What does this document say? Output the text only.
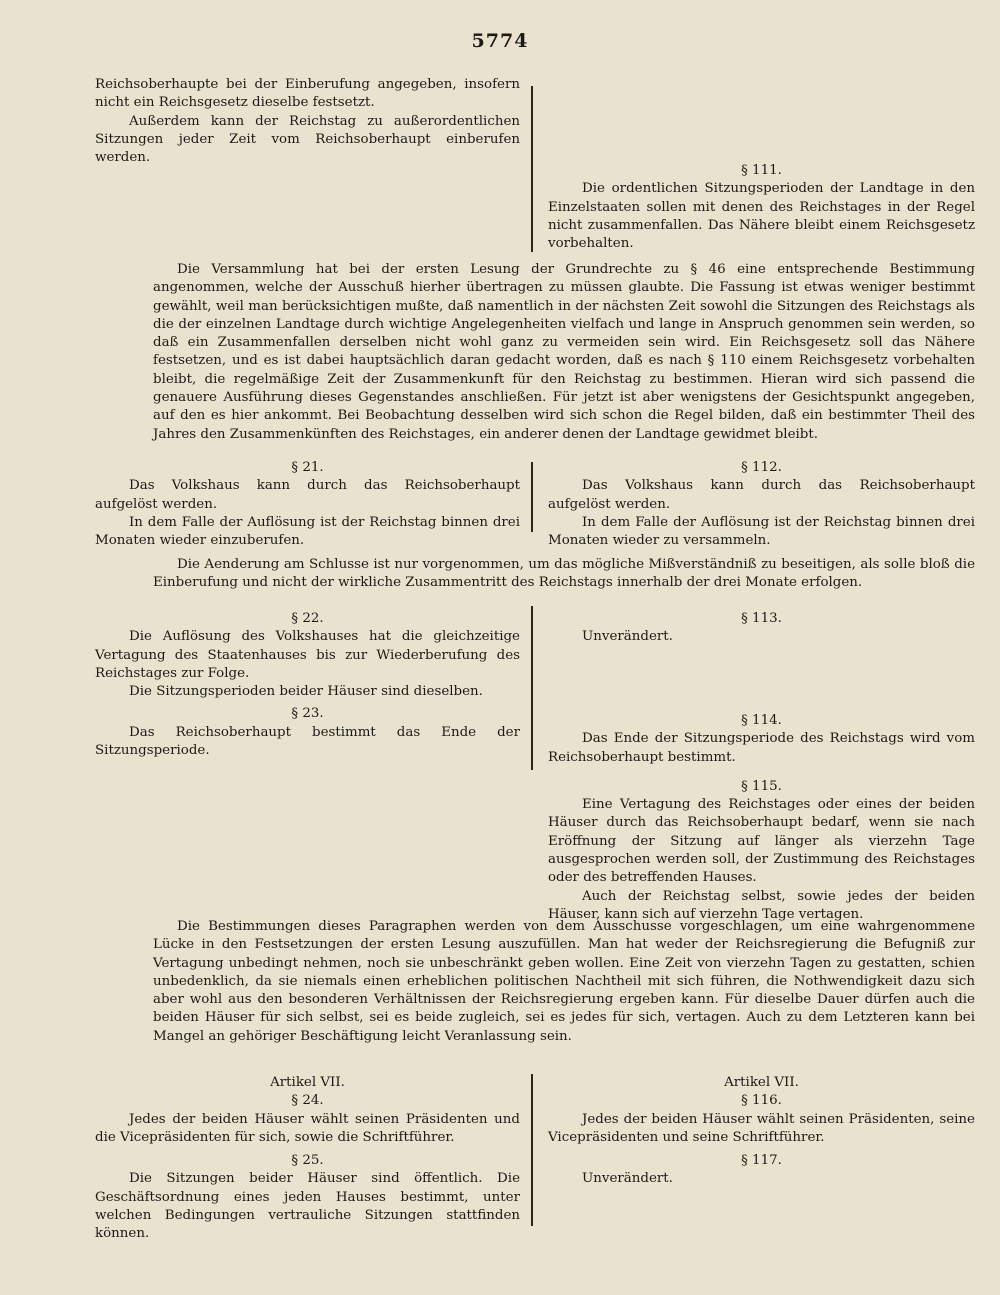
5774

Reichsoberhaupte bei der Einberufung angegeben, insofern nicht ein Reichsgesetz dieselbe festsetzt.

Außerdem kann der Reichstag zu außerordentlichen Sitzungen jeder Zeit vom Reichsoberhaupt einberufen werden.

§ 111.

Die ordentlichen Sitzungsperioden der Landtage in den Einzelstaaten sollen mit denen des Reichstages in der Regel nicht zusammenfallen. Das Nähere bleibt einem Reichsgesetz vorbehalten.

Die Versammlung hat bei der ersten Lesung der Grundrechte zu § 46 eine entsprechende Bestimmung angenommen, welche der Ausschuß hierher übertragen zu müssen glaubte. Die Fassung ist etwas weniger bestimmt gewählt, weil man berücksichtigen mußte, daß namentlich in der nächsten Zeit sowohl die Sitzungen des Reichstags als die der einzelnen Landtage durch wichtige Angelegenheiten vielfach und lange in Anspruch genommen sein werden, so daß ein Zusammenfallen derselben nicht wohl ganz zu vermeiden sein wird. Ein Reichsgesetz soll das Nähere festsetzen, und es ist dabei hauptsächlich daran gedacht worden, daß es nach § 110 einem Reichsgesetz vorbehalten bleibt, die regelmäßige Zeit der Zusammenkunft für den Reichstag zu bestimmen. Hieran wird sich passend die genauere Ausführung dieses Gegenstandes anschließen. Für jetzt ist aber wenigstens der Gesichtspunkt angegeben, auf den es hier ankommt. Bei Beobachtung desselben wird sich schon die Regel bilden, daß ein bestimmter Theil des Jahres den Zusammenkünften des Reichstages, ein anderer denen der Landtage gewidmet bleibt.

§ 21.

Das Volkshaus kann durch das Reichsoberhaupt aufgelöst werden.

In dem Falle der Auflösung ist der Reichstag binnen drei Monaten wieder einzuberufen.

§ 112.

Das Volkshaus kann durch das Reichsoberhaupt aufgelöst werden.

In dem Falle der Auflösung ist der Reichstag binnen drei Monaten wieder zu versammeln.

Die Aenderung am Schlusse ist nur vorgenommen, um das mögliche Mißverständniß zu beseitigen, als solle bloß die Einberufung und nicht der wirkliche Zusammentritt des Reichstags innerhalb der drei Monate erfolgen.

§ 22.

Die Auflösung des Volkshauses hat die gleichzeitige Vertagung des Staatenhauses bis zur Wiederberufung des Reichstages zur Folge.

Die Sitzungsperioden beider Häuser sind dieselben.

§ 23.

Das Reichsoberhaupt bestimmt das Ende der Sitzungsperiode.

§ 113.

Unverändert.

§ 114.

Das Ende der Sitzungsperiode des Reichstags wird vom Reichsoberhaupt bestimmt.

§ 115.

Eine Vertagung des Reichstages oder eines der beiden Häuser durch das Reichsoberhaupt bedarf, wenn sie nach Eröffnung der Sitzung auf länger als vierzehn Tage ausgesprochen werden soll, der Zustimmung des Reichstages oder des betreffenden Hauses.

Auch der Reichstag selbst, sowie jedes der beiden Häuser, kann sich auf vierzehn Tage vertagen.

Die Bestimmungen dieses Paragraphen werden von dem Ausschusse vorgeschlagen, um eine wahrgenommene Lücke in den Festsetzungen der ersten Lesung auszufüllen. Man hat weder der Reichsregierung die Befugniß zur Vertagung unbedingt nehmen, noch sie unbeschränkt geben wollen. Eine Zeit von vierzehn Tagen zu gestatten, schien unbedenklich, da sie niemals einen erheblichen politischen Nachtheil mit sich führen, die Nothwendigkeit dazu sich aber wohl aus den besonderen Verhältnissen der Reichsregierung ergeben kann. Für dieselbe Dauer dürfen auch die beiden Häuser für sich selbst, sei es beide zugleich, sei es jedes für sich, vertagen. Auch zu dem Letzteren kann bei Mangel an gehöriger Beschäftigung leicht Veranlassung sein.

Artikel VII.
§ 24.

Jedes der beiden Häuser wählt seinen Präsidenten und die Vicepräsidenten für sich, sowie die Schriftführer.

§ 25.

Die Sitzungen beider Häuser sind öffentlich. Die Geschäftsordnung eines jeden Hauses bestimmt, unter welchen Bedingungen vertrauliche Sitzungen stattfinden können.

Artikel VII.
§ 116.

Jedes der beiden Häuser wählt seinen Präsidenten, seine Vicepräsidenten und seine Schriftführer.

§ 117.

Unverändert.
